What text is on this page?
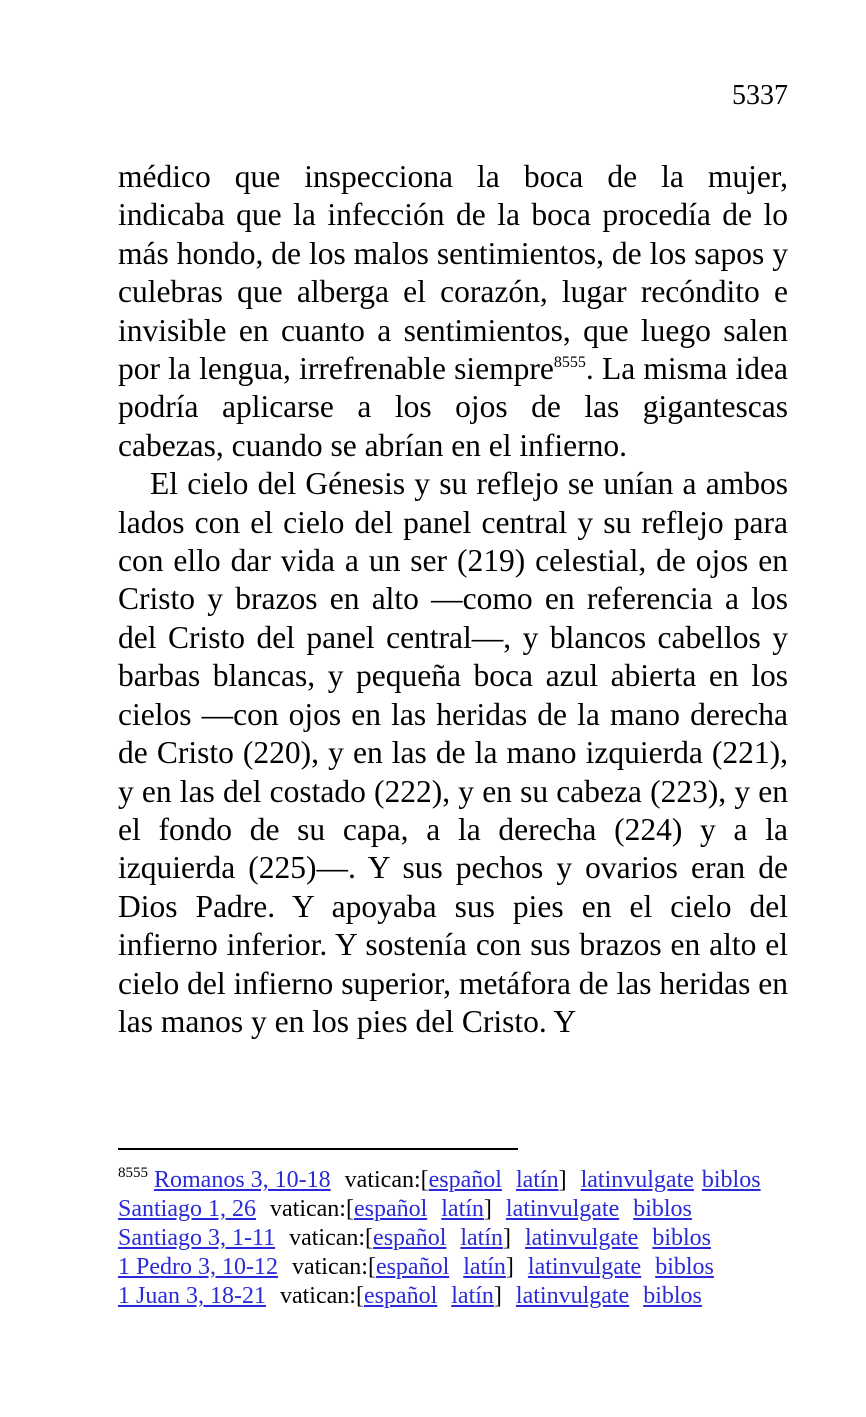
5337

médico que inspecciona la boca de la mujer, indicaba que la infección de la boca procedía de lo más hondo, de los malos sentimientos, de los sapos y culebras que alberga el corazón, lugar recóndito e invisible en cuanto a sentimientos, que luego salen por la lengua, irrefrenable siempre$^{8555}$. La misma idea podría aplicarse a los ojos de las gigantescas cabezas, cuando se abrían en el infierno.

El cielo del Génesis y su reflejo se unían a ambos lados con el cielo del panel central y su reflejo para con ello dar vida a un ser (219) celestial, de ojos en Cristo y brazos en alto —como en referencia a los del Cristo del panel central—, y blancos cabellos y barbas blancas, y pequeña boca azul abierta en los cielos —con ojos en las heridas de la mano derecha de Cristo (220), y en las de la mano izquierda (221), y en las del costado (222), y en su cabeza (223), y en el fondo de su capa, a la derecha (224) y a la izquierda (225)—. Y sus pechos y ovarios eran de Dios Padre. Y apoyaba sus pies en el cielo del infierno inferior. Y sostenía con sus brazos en alto el cielo del infierno superior, metáfora de las heridas en las manos y en los pies del Cristo. Y

$^{8555}$ Romanos 3, 10-18 vatican:[español latín] latinvulgate biblos
Santiago 1, 26 vatican:[español latín] latinvulgate biblos
Santiago 3, 1-11 vatican:[español latín] latinvulgate biblos
1 Pedro 3, 10-12 vatican:[español latín] latinvulgate biblos
1 Juan 3, 18-21 vatican:[español latín] latinvulgate biblos
